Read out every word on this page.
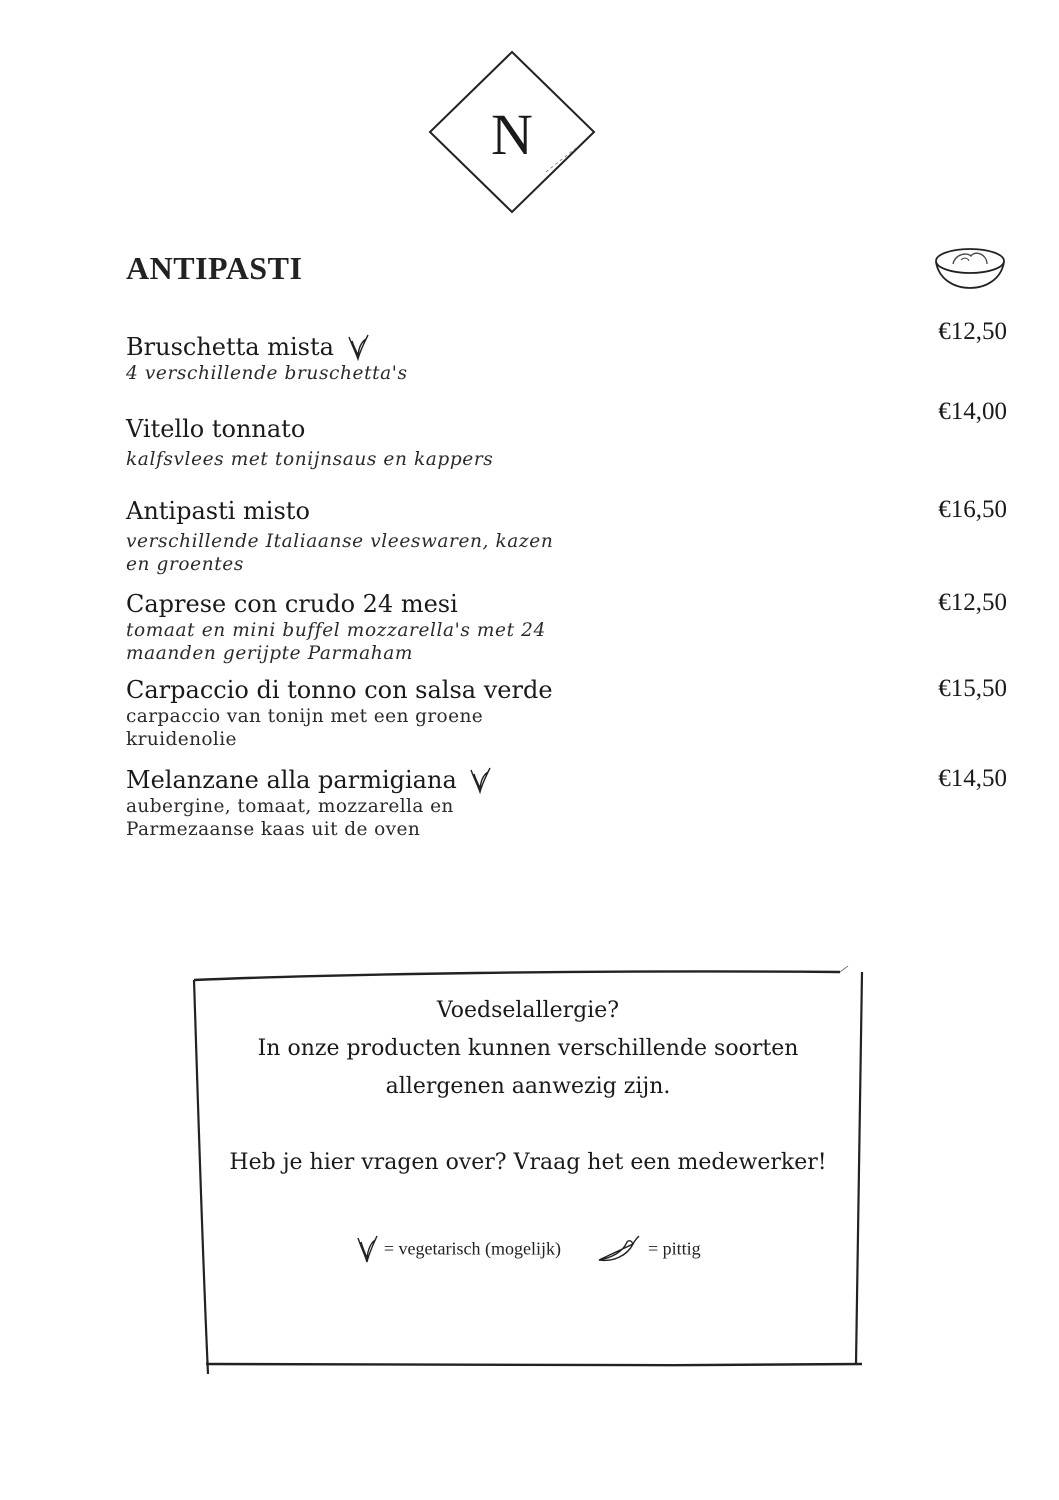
N
ANTIPASTI
Bruschetta mista
4 verschillende bruschetta's
€12,50
Vitello tonnato
kalfsvlees met tonijnsaus en kappers
€14,00
Antipasti misto
verschillende Italiaanse vleeswaren, kazen en groentes
€16,50
Caprese con crudo 24 mesi
tomaat en mini buffel mozzarella's met 24 maanden gerijpte Parmaham
€12,50
Carpaccio di tonno con salsa verde
carpaccio van tonijn met een groene kruidenolie
€15,50
Melanzane alla parmigiana
aubergine, tomaat, mozzarella en Parmezaanse kaas uit de oven
€14,50

Voedselallergie?

In onze producten kunnen verschillende soorten

allergenen aanwezig zijn.

Heb je hier vragen over? Vraag het een medewerker!

= vegetarisch (mogelijk)	= pittig
